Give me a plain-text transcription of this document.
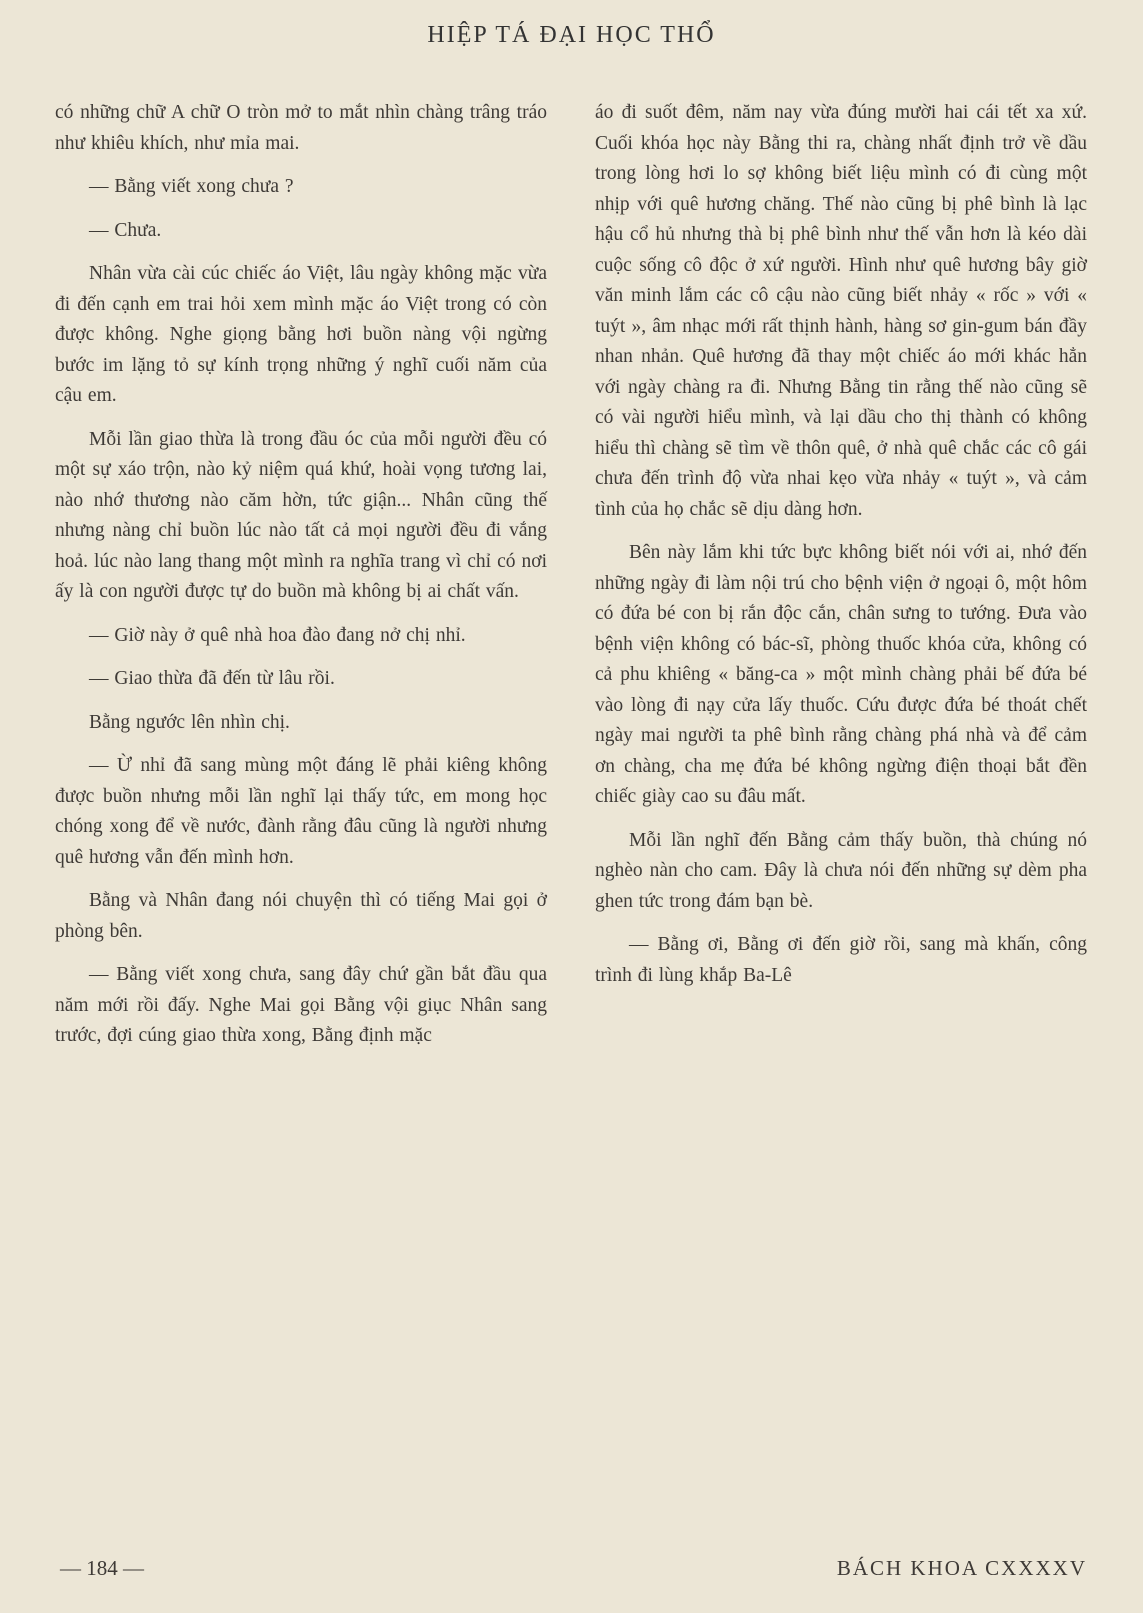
HIỆP TÁ ĐẠI HỌC THỔ

có những chữ A chữ O tròn mở to mắt nhìn chàng trâng tráo như khiêu khích, như mỉa mai.

— Bằng viết xong chưa ?

— Chưa.

Nhân vừa cài cúc chiếc áo Việt, lâu ngày không mặc vừa đi đến cạnh em trai hỏi xem mình mặc áo Việt trong có còn được không. Nghe giọng bằng hơi buồn nàng vội ngừng bước im lặng tỏ sự kính trọng những ý nghĩ cuối năm của cậu em.

Mỗi lần giao thừa là trong đầu óc của mỗi người đều có một sự xáo trộn, nào kỷ niệm quá khứ, hoài vọng tương lai, nào nhớ thương nào căm hờn, tức giận... Nhân cũng thế nhưng nàng chỉ buồn lúc nào tất cả mọi người đều đi vắng hoả. lúc nào lang thang một mình ra nghĩa trang vì chỉ có nơi ấy là con người được tự do buồn mà không bị ai chất vấn.

— Giờ này ở quê nhà hoa đào đang nở chị nhỉ.

— Giao thừa đã đến từ lâu rồi.

Bằng ngước lên nhìn chị.

— Ừ nhỉ đã sang mùng một đáng lẽ phải kiêng không được buồn nhưng mỗi lần nghĩ lại thấy tức, em mong học chóng xong để về nước, đành rằng đâu cũng là người nhưng quê hương vẫn đến mình hơn.

Bằng và Nhân đang nói chuyện thì có tiếng Mai gọi ở phòng bên.

— Bằng viết xong chưa, sang đây chứ gần bắt đầu qua năm mới rồi đấy. Nghe Mai gọi Bằng vội giục Nhân sang trước, đợi cúng giao thừa xong, Bằng định mặc

áo đi suốt đêm, năm nay vừa đúng mười hai cái tết xa xứ. Cuối khóa học này Bằng thi ra, chàng nhất định trở về dầu trong lòng hơi lo sợ không biết liệu mình có đi cùng một nhịp với quê hương chăng. Thế nào cũng bị phê bình là lạc hậu cổ hủ nhưng thà bị phê bình như thế vẫn hơn là kéo dài cuộc sống cô độc ở xứ người. Hình như quê hương bây giờ văn minh lắm các cô cậu nào cũng biết nhảy « rốc » với « tuýt », âm nhạc mới rất thịnh hành, hàng sơ gin-gum bán đầy nhan nhản. Quê hương đã thay một chiếc áo mới khác hẳn với ngày chàng ra đi. Nhưng Bằng tin rằng thế nào cũng sẽ có vài người hiểu mình, và lại dầu cho thị thành có không hiểu thì chàng sẽ tìm về thôn quê, ở nhà quê chắc các cô gái chưa đến trình độ vừa nhai kẹo vừa nhảy « tuýt », và cảm tình của họ chắc sẽ dịu dàng hơn.

Bên này lắm khi tức bực không biết nói với ai, nhớ đến những ngày đi làm nội trú cho bệnh viện ở ngoại ô, một hôm có đứa bé con bị rắn độc cắn, chân sưng to tướng. Đưa vào bệnh viện không có bác-sĩ, phòng thuốc khóa cửa, không có cả phu khiêng « băng-ca » một mình chàng phải bế đứa bé vào lòng đi nạy cửa lấy thuốc. Cứu được đứa bé thoát chết ngày mai người ta phê bình rằng chàng phá nhà và để cảm ơn chàng, cha mẹ đứa bé không ngừng điện thoại bắt đền chiếc giày cao su đâu mất.

Mỗi lần nghĩ đến Bằng cảm thấy buồn, thà chúng nó nghèo nàn cho cam. Đây là chưa nói đến những sự dèm pha ghen tức trong đám bạn bè.

— Bằng ơi, Bằng ơi đến giờ rồi, sang mà khấn, công trình đi lùng khắp Ba-Lê

— 184 —	BÁCH KHOA CXXXXV
